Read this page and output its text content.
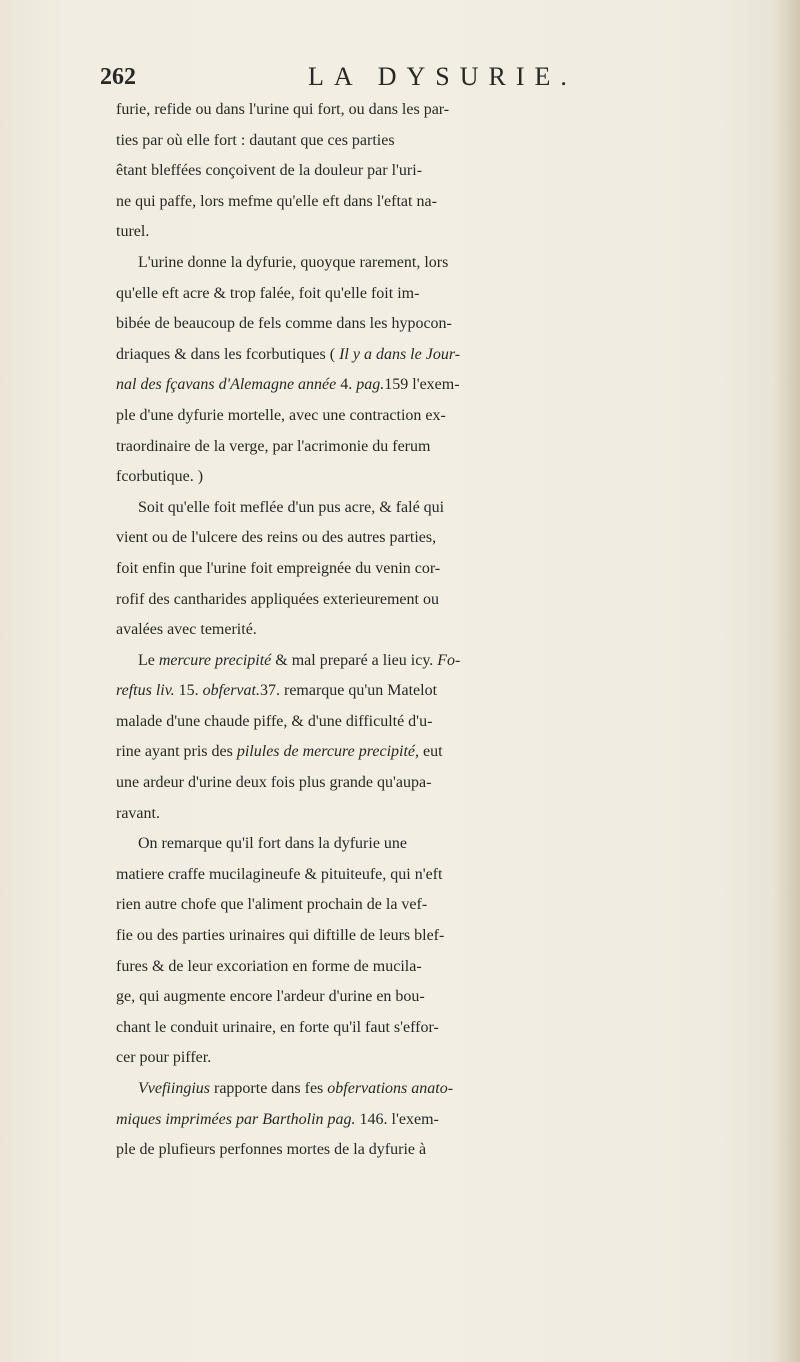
262	LA DYSURIE.
furie, refide ou dans l'urine qui fort, ou dans les par-
ties par où elle fort : dautant que ces parties
êtant bleffées conçoivent de la douleur par l'uri-
ne qui paffe, lors mefme qu'elle eft dans l'eftat na-
turel.
L'urine donne la dyfurie, quoyque rarement, lors
qu'elle eft acre & trop falée, foit qu'elle foit im-
bibée de beaucoup de fels comme dans les hypocon-
driaques & dans les fcorbutiques ( Il y a dans le Jour-
nal des fçavans d'Alemagne année 4. pag.159 l'exem-
ple d'une dyfurie mortelle, avec une contraction ex-
traordinaire de la verge, par l'acrimonie du ferum
fcorbutique. )
Soit qu'elle foit meflée d'un pus acre, & falé qui
vient ou de l'ulcere des reins ou des autres parties,
foit enfin que l'urine foit empreignée du venin cor-
rofif des cantharides appliquées exterieurement ou
avalées avec temerité.
Le mercure precipité & mal preparé a lieu icy. Fo-
reftus liv. 15. obfervat.37. remarque qu'un Matelot
malade d'une chaude piffe, & d'une difficulté d'u-
rine ayant pris des pilules de mercure precipité, eut
une ardeur d'urine deux fois plus grande qu'aupa-
ravant.
On remarque qu'il fort dans la dyfurie une
matiere craffe mucilagineufe & pituiteufe, qui n'eft
rien autre chofe que l'aliment prochain de la vef-
fie ou des parties urinaires qui diftille de leurs blef-
fures & de leur excoriation en forme de mucila-
ge, qui augmente encore l'ardeur d'urine en bou-
chant le conduit urinaire, en forte qu'il faut s'effor-
cer pour piffer.
Vvefiingius rapporte dans fes obfervations anato-
miques imprimées par Bartholin pag. 146. l'exem-
ple de plufieurs perfonnes mortes de la dyfurie à
